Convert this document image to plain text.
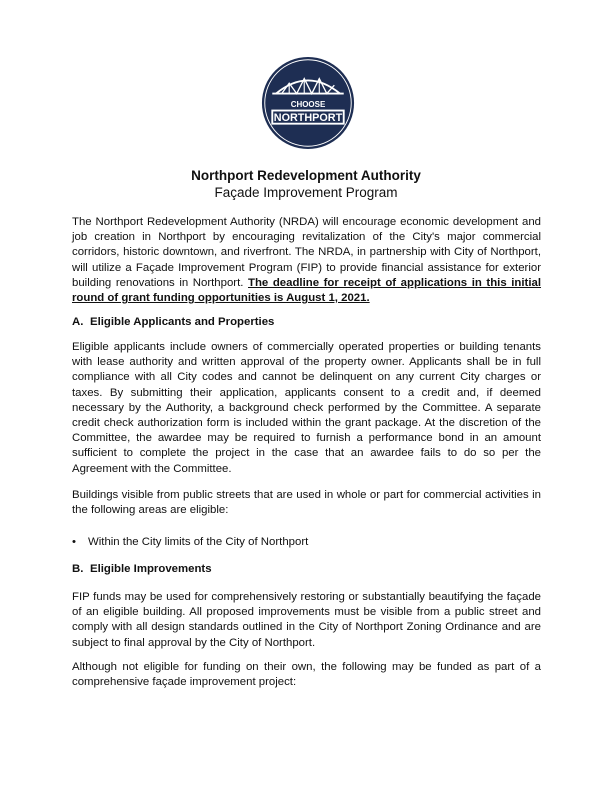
CHOOSE
NORTHPORT
Northport Redevelopment Authority
Façade Improvement Program
The Northport Redevelopment Authority (NRDA) will encourage economic development and job creation in Northport by encouraging revitalization of the City's major commercial corridors, historic downtown, and riverfront. The NRDA, in partnership with City of Northport, will utilize a Façade Improvement Program (FIP) to provide financial assistance for exterior building renovations in Northport. The deadline for receipt of applications in this initial round of grant funding opportunities is August 1, 2021.
A. Eligible Applicants and Properties
Eligible applicants include owners of commercially operated properties or building tenants with lease authority and written approval of the property owner. Applicants shall be in full compliance with all City codes and cannot be delinquent on any current City charges or taxes. By submitting their application, applicants consent to a credit and, if deemed necessary by the Authority, a background check performed by the Committee. A separate credit check authorization form is included within the grant package. At the discretion of the Committee, the awardee may be required to furnish a performance bond in an amount sufficient to complete the project in the case that an awardee fails to do so per the Agreement with the Committee.
Buildings visible from public streets that are used in whole or part for commercial activities in the following areas are eligible:
• Within the City limits of the City of Northport
B. Eligible Improvements
FIP funds may be used for comprehensively restoring or substantially beautifying the façade of an eligible building. All proposed improvements must be visible from a public street and comply with all design standards outlined in the City of Northport Zoning Ordinance and are subject to final approval by the City of Northport.
Although not eligible for funding on their own, the following may be funded as part of a comprehensive façade improvement project:
